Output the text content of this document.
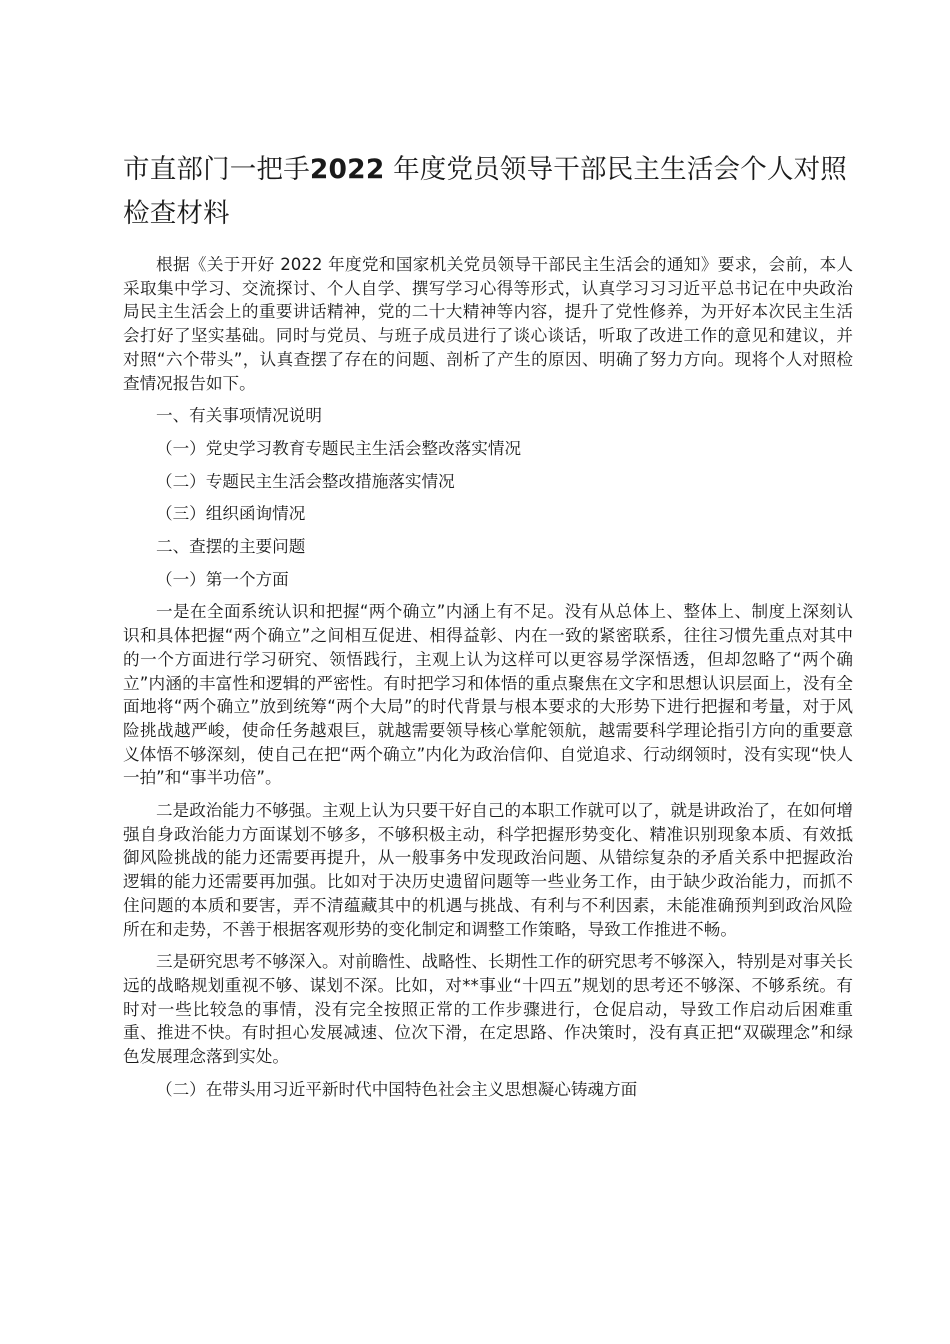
市直部门一把手2022 年度党员领导干部民主生活会个人对照检查材料

根据《关于开好 2022 年度党和国家机关党员领导干部民主生活会的通知》要求，会前，本人采取集中学习、交流探讨、个人自学、撰写学习心得等形式，认真学习习习近平总书记在中央政治局民主生活会上的重要讲话精神，党的二十大精神等内容，提升了党性修养，为开好本次民主生活会打好了坚实基础。同时与党员、与班子成员进行了谈心谈话，听取了改进工作的意见和建议，并对照“六个带头”，认真查摆了存在的问题、剖析了产生的原因、明确了努力方向。现将个人对照检查情况报告如下。

一、有关事项情况说明

（一）党史学习教育专题民主生活会整改落实情况

（二）专题民主生活会整改措施落实情况

（三）组织函询情况

二、查摆的主要问题

（一）第一个方面

一是在全面系统认识和把握“两个确立”内涵上有不足。没有从总体上、整体上、制度上深刻认识和具体把握“两个确立”之间相互促进、相得益彰、内在一致的紧密联系，往往习惯先重点对其中的一个方面进行学习研究、领悟践行，主观上认为这样可以更容易学深悟透，但却忽略了“两个确立”内涵的丰富性和逻辑的严密性。有时把学习和体悟的重点聚焦在文字和思想认识层面上，没有全面地将“两个确立”放到统筹“两个大局”的时代背景与根本要求的大形势下进行把握和考量，对于风险挑战越严峻，使命任务越艰巨，就越需要领导核心掌舵领航，越需要科学理论指引方向的重要意义体悟不够深刻，使自己在把“两个确立”内化为政治信仰、自觉追求、行动纲领时，没有实现“快人一拍”和“事半功倍”。

二是政治能力不够强。主观上认为只要干好自己的本职工作就可以了，就是讲政治了，在如何增强自身政治能力方面谋划不够多，不够积极主动，科学把握形势变化、精准识别现象本质、有效抵御风险挑战的能力还需要再提升，从一般事务中发现政治问题、从错综复杂的矛盾关系中把握政治逻辑的能力还需要再加强。比如对于决历史遗留问题等一些业务工作，由于缺少政治能力，而抓不住问题的本质和要害，弄不清蕴藏其中的机遇与挑战、有利与不利因素，未能准确预判到政治风险所在和走势，不善于根据客观形势的变化制定和调整工作策略，导致工作推进不畅。

三是研究思考不够深入。对前瞻性、战略性、长期性工作的研究思考不够深入，特别是对事关长远的战略规划重视不够、谋划不深。比如，对**事业“十四五”规划的思考还不够深、不够系统。有时对一些比较急的事情，没有完全按照正常的工作步骤进行，仓促启动，导致工作启动后困难重重、推进不快。有时担心发展减速、位次下滑，在定思路、作决策时，没有真正把“双碳理念”和绿色发展理念落到实处。

（二）在带头用习近平新时代中国特色社会主义思想凝心铸魂方面
